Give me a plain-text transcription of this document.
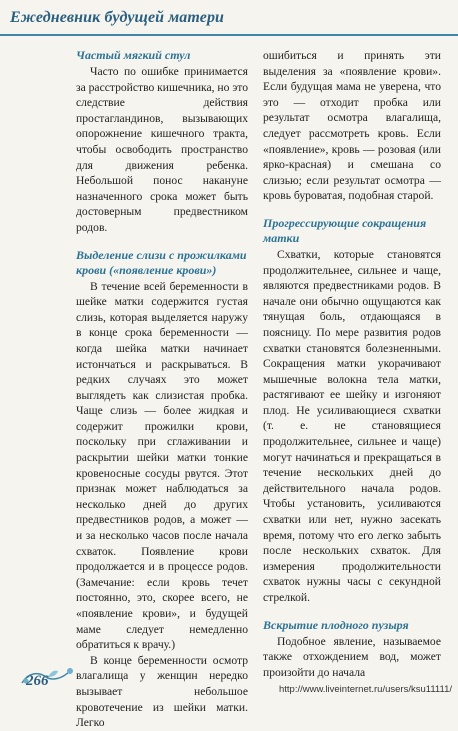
Ежедневник будущей матери
Частый мягкий стул

Часто по ошибке принимается за расстройство кишечника, но это следствие действия простагландинов, вызывающих опорожнение кишечного тракта, чтобы освободить пространство для движения ребенка. Небольшой понос накануне назначенного срока может быть достоверным предвестником родов.

Выделение слизи с прожилками крови («появление крови»)

В течение всей беременности в шейке матки содержится густая слизь, которая выделяется наружу в конце срока беременности — когда шейка матки начинает истончаться и раскрываться. В редких случаях это может выглядеть как слизистая пробка. Чаще слизь — более жидкая и содержит прожилки крови, поскольку при сглаживании и раскрытии шейки матки тонкие кровеносные сосуды рвутся. Этот признак может наблюдаться за несколько дней до других предвестников родов, а может — и за несколько часов после начала схваток. Появление крови продолжается и в процессе родов. (Замечание: если кровь течет постоянно, это, скорее всего, не «появление крови», и будущей маме следует немедленно обратиться к врачу.)

В конце беременности осмотр влагалища у женщин нередко вызывает небольшое кровотечение из шейки матки. Легко

ошибиться и принять эти выделения за «появление крови». Если будущая мама не уверена, что это — отходит пробка или результат осмотра влагалища, следует рассмотреть кровь. Если «появление», кровь — розовая (или ярко-красная) и смешана со слизью; если результат осмотра — кровь буроватая, подобная старой.

Прогрессирующие сокращения матки

Схватки, которые становятся продолжительнее, сильнее и чаще, являются предвестниками родов. В начале они обычно ощущаются как тянущая боль, отдающаяся в поясницу. По мере развития родов схватки становятся болезненными. Сокращения матки укорачивают мышечные волокна тела матки, растягивают ее шейку и изгоняют плод. Не усиливающиеся схватки (т. е. не становящиеся продолжительнее, сильнее и чаще) могут начинаться и прекращаться в течение нескольких дней до действительного начала родов. Чтобы установить, усиливаются схватки или нет, нужно засекать время, потому что его легко забыть после нескольких схваток. Для измерения продолжительности схваток нужны часы с секундной стрелкой.

Вскрытие плодного пузыря

Подобное явление, называемое также отхождением вод, может произойти до начала

266
http://www.liveinternet.ru/users/ksu11111/
